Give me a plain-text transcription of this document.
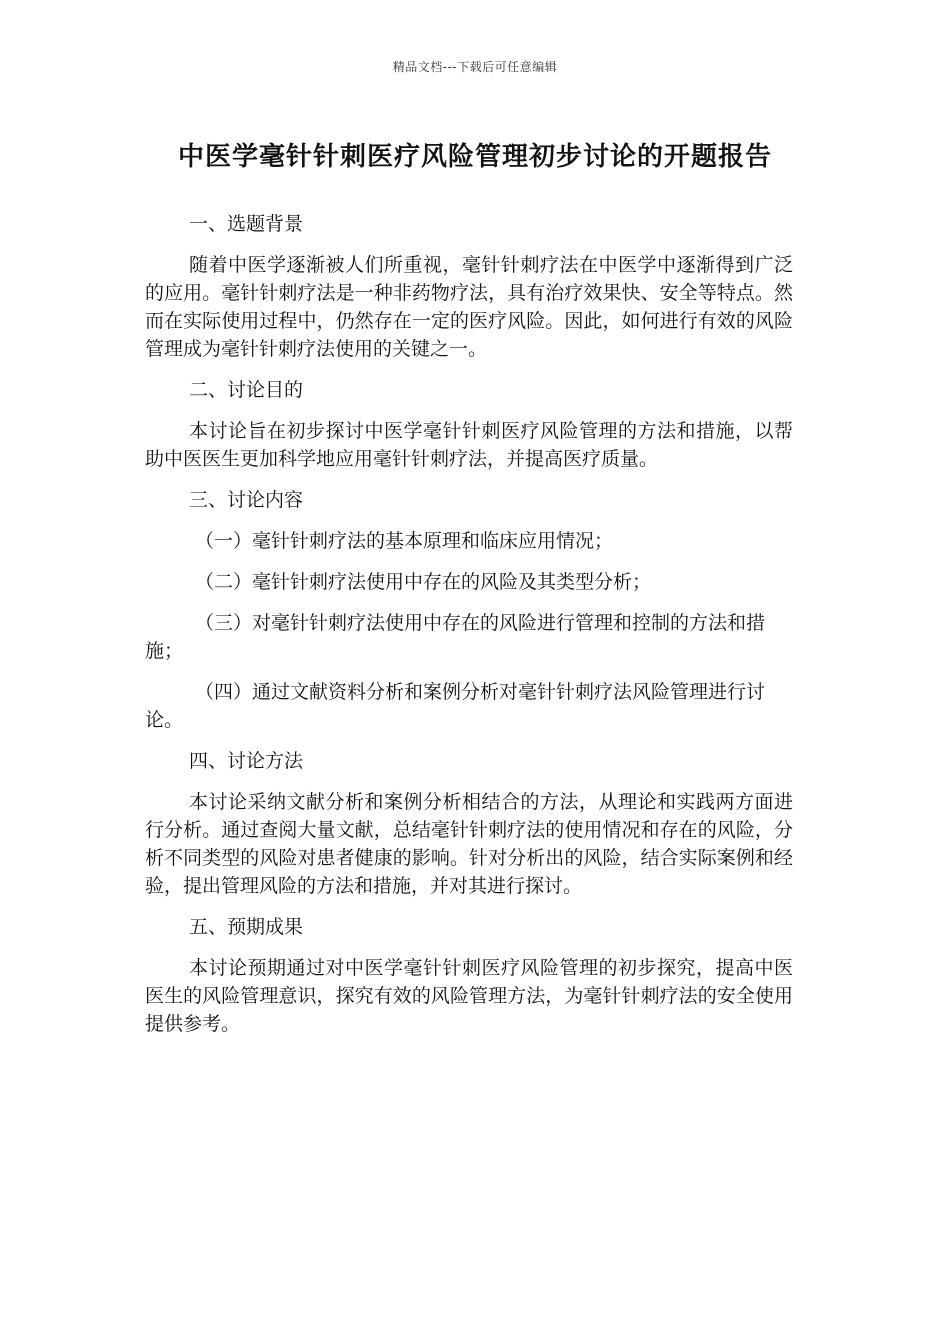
精品文档---下载后可任意编辑
中医学毫针针刺医疗风险管理初步讨论的开题报告

一、选题背景

随着中医学逐渐被人们所重视，毫针针刺疗法在中医学中逐渐得到广泛的应用。毫针针刺疗法是一种非药物疗法，具有治疗效果快、安全等特点。然而在实际使用过程中，仍然存在一定的医疗风险。因此，如何进行有效的风险管理成为毫针针刺疗法使用的关键之一。

二、讨论目的

本讨论旨在初步探讨中医学毫针针刺医疗风险管理的方法和措施，以帮助中医医生更加科学地应用毫针针刺疗法，并提高医疗质量。

三、讨论内容

（一）毫针针刺疗法的基本原理和临床应用情况；

（二）毫针针刺疗法使用中存在的风险及其类型分析；

（三）对毫针针刺疗法使用中存在的风险进行管理和控制的方法和措施；

（四）通过文献资料分析和案例分析对毫针针刺疗法风险管理进行讨论。

四、讨论方法

本讨论采纳文献分析和案例分析相结合的方法，从理论和实践两方面进行分析。通过查阅大量文献，总结毫针针刺疗法的使用情况和存在的风险，分析不同类型的风险对患者健康的影响。针对分析出的风险，结合实际案例和经验，提出管理风险的方法和措施，并对其进行探讨。

五、预期成果

本讨论预期通过对中医学毫针针刺医疗风险管理的初步探究，提高中医医生的风险管理意识，探究有效的风险管理方法，为毫针针刺疗法的安全使用提供参考。
